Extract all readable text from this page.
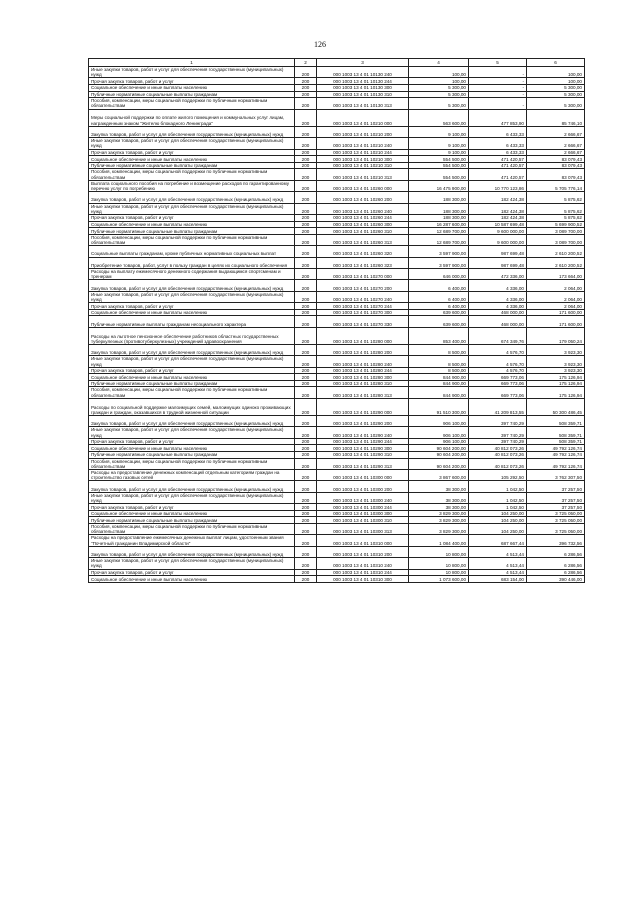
126
1	2	3	4	5	6

Иные закупки товаров, работ и услуг для обеспечения государственных (муниципальных) нужд	200	000 1003 13 4 01 10130 240	100,00	-	100,00

Прочая закупка товаров, работ и услуг	200	000 1003 13 4 01 10130 244	100,00	-	100,00

Социальное обеспечение и иные выплаты населению	200	000 1003 13 4 01 10130 300	5 300,00	-	5 300,00

Публичные нормативные социальные выплаты гражданам	200	000 1003 13 4 01 10130 310	5 300,00	-	5 300,00

Пособия, компенсации, меры социальной поддержки по публичным нормативным обязательствам	200	000 1003 13 4 01 10130 313	5 300,00	-	5 300,00

Меры социальной поддержки по оплате жилого помещения и коммунальных услуг лицам, награжденным знаком "Жителю блокадного Ленинграда"	200	000 1003 13 4 01 10210 000	563 600,00	477 853,90	85 746,10

Закупка товаров, работ и услуг для обеспечения государственных (муниципальных) нужд	200	000 1003 13 4 01 10210 200	9 100,00	6 433,33	2 666,67

Иные закупки товаров, работ и услуг для обеспечения государственных (муниципальных) нужд	200	000 1003 13 4 01 10210 240	9 100,00	6 433,33	2 666,67

Прочая закупка товаров, работ и услуг	200	000 1003 13 4 01 10210 244	9 100,00	6 433,33	2 666,67

Социальное обеспечение и иные выплаты населению	200	000 1003 13 4 01 10210 300	554 500,00	471 420,57	83 079,43

Публичные нормативные социальные выплаты гражданам	200	000 1003 13 4 01 10210 310	554 500,00	471 420,57	83 079,43

Пособия, компенсации, меры социальной поддержки по публичным нормативным обязательствам	200	000 1003 13 4 01 10210 313	554 500,00	471 420,57	83 079,43

Выплата социального пособия на погребение и возмещение расходов по гарантированному перечню услуг по погребению	200	000 1003 13 4 01 10260 000	16 475 900,00	10 770 123,86	5 705 776,14

Закупка товаров, работ и услуг для обеспечения государственных (муниципальных) нужд	200	000 1003 13 4 01 10260 200	188 300,00	182 424,38	5 875,62

Иные закупки товаров, работ и услуг для обеспечения государственных (муниципальных) нужд	200	000 1003 13 4 01 10260 240	188 300,00	182 424,38	5 875,62

Прочая закупка товаров, работ и услуг	200	000 1003 13 4 01 10260 244	188 300,00	182 424,38	5 875,62

Социальное обеспечение и иные выплаты населению	200	000 1003 13 4 01 10260 300	16 287 600,00	10 587 699,48	5 699 900,52

Публичные нормативные социальные выплаты гражданам	200	000 1003 13 4 01 10260 310	12 689 700,00	9 600 000,00	3 089 700,00

Пособия, компенсации, меры социальной поддержки по публичным нормативным обязательствам	200	000 1003 13 4 01 10260 313	12 689 700,00	9 600 000,00	3 089 700,00

Социальные выплаты гражданам, кроме публичных нормативных социальных выплат	200	000 1003 13 4 01 10260 320	3 597 900,00	987 699,48	2 610 200,52

Приобретение товаров, работ, услуг в пользу граждан в целях их социального обеспечения	200	000 1003 13 4 01 10260 323	3 597 900,00	987 699,48	2 610 200,52

Расходы на выплату ежемесячного денежного содержания выдающимся спортсменам и тренерам	200	000 1003 13 4 01 10270 000	646 000,00	472 336,00	173 664,00

Закупка товаров, работ и услуг для обеспечения государственных (муниципальных) нужд	200	000 1003 13 4 01 10270 200	6 400,00	4 336,00	2 064,00

Иные закупки товаров, работ и услуг для обеспечения государственных (муниципальных) нужд	200	000 1003 13 4 01 10270 240	6 400,00	4 336,00	2 064,00

Прочая закупка товаров, работ и услуг	200	000 1003 13 4 01 10270 244	6 400,00	4 336,00	2 064,00

Социальное обеспечение и иные выплаты населению	200	000 1003 13 4 01 10270 300	639 600,00	468 000,00	171 600,00

Публичные нормативные выплаты гражданам несоциального характера	200	000 1003 13 4 01 10270 330	639 600,00	468 000,00	171 600,00

Расходы на льготное пенсионное обеспечение работников областных государственных туберкулезных (противотуберкулезных) учреждений здравоохранения	200	000 1003 13 4 01 10280 000	853 400,00	674 349,76	179 050,24

Закупка товаров, работ и услуг для обеспечения государственных (муниципальных) нужд	200	000 1003 13 4 01 10280 200	8 500,00	4 576,70	3 923,30

Иные закупки товаров, работ и услуг для обеспечения государственных (муниципальных) нужд	200	000 1003 13 4 01 10280 240	8 500,00	4 576,70	3 923,30

Прочая закупка товаров, работ и услуг	200	000 1003 13 4 01 10280 244	8 500,00	4 576,70	3 923,30

Социальное обеспечение и иные выплаты населению	200	000 1003 13 4 01 10280 300	844 900,00	669 773,06	175 126,94

Публичные нормативные социальные выплаты гражданам	200	000 1003 13 4 01 10280 310	844 900,00	669 773,06	175 126,94

Пособия, компенсации, меры социальной поддержки по публичным нормативным обязательствам	200	000 1003 13 4 01 10280 313	844 900,00	669 773,06	175 126,94

Расходы по социальной поддержке малоимущих семей, малоимущих одиноко проживающих граждан и граждан, оказавшихся в трудной жизненной ситуации	200	000 1003 13 4 01 10290 000	91 510 300,00	41 209 813,55	50 300 486,45

Закупка товаров, работ и услуг для обеспечения государственных (муниципальных) нужд	200	000 1003 13 4 01 10290 200	906 100,00	397 740,29	508 359,71

Иные закупки товаров, работ и услуг для обеспечения государственных (муниципальных) нужд	200	000 1003 13 4 01 10290 240	906 100,00	397 740,29	508 359,71

Прочая закупка товаров, работ и услуг	200	000 1003 13 4 01 10290 244	906 100,00	397 740,29	508 359,71

Социальное обеспечение и иные выплаты населению	200	000 1003 13 4 01 10290 300	90 604 200,00	40 812 073,26	49 792 126,74

Публичные нормативные социальные выплаты гражданам	200	000 1003 13 4 01 10290 310	90 604 200,00	40 812 073,26	49 792 126,74

Пособия, компенсации, меры социальной поддержки по публичным нормативным обязательствам	200	000 1003 13 4 01 10290 313	90 604 200,00	40 812 073,26	49 792 126,74

Расходы на предоставление денежных компенсаций отдельным категориям граждан на строительство газовых сетей	200	000 1003 13 4 01 10300 000	3 867 600,00	105 292,50	3 762 307,50

Закупка товаров, работ и услуг для обеспечения государственных (муниципальных) нужд	200	000 1003 13 4 01 10300 200	38 300,00	1 042,50	37 257,50

Иные закупки товаров, работ и услуг для обеспечения государственных (муниципальных) нужд	200	000 1003 13 4 01 10300 240	38 300,00	1 042,50	37 257,50

Прочая закупка товаров, работ и услуг	200	000 1003 13 4 01 10300 244	38 300,00	1 042,50	37 257,50

Социальное обеспечение и иные выплаты населению	200	000 1003 13 4 01 10300 300	3 829 300,00	104 250,00	3 725 050,00

Публичные нормативные социальные выплаты гражданам	200	000 1003 13 4 01 10300 310	3 829 300,00	104 250,00	3 725 050,00

Пособия, компенсации, меры социальной поддержки по публичным нормативным обязательствам	200	000 1003 13 4 01 10300 313	3 829 300,00	104 250,00	3 725 050,00

Расходы на предоставление ежемесячных денежных выплат лицам, удостоенным звания "Почетный гражданин Владимирской области"	200	000 1003 13 4 01 10310 000	1 084 400,00	687 667,44	396 732,56

Закупка товаров, работ и услуг для обеспечения государственных (муниципальных) нужд	200	000 1003 13 4 01 10310 200	10 800,00	4 513,44	6 286,56

Иные закупки товаров, работ и услуг для обеспечения государственных (муниципальных) нужд	200	000 1003 13 4 01 10310 240	10 800,00	4 513,44	6 286,56

Прочая закупка товаров, работ и услуг	200	000 1003 13 4 01 10310 244	10 800,00	4 513,44	6 286,56

Социальное обеспечение и иные выплаты населению	200	000 1003 13 4 01 10310 300	1 073 600,00	683 154,00	390 446,00
